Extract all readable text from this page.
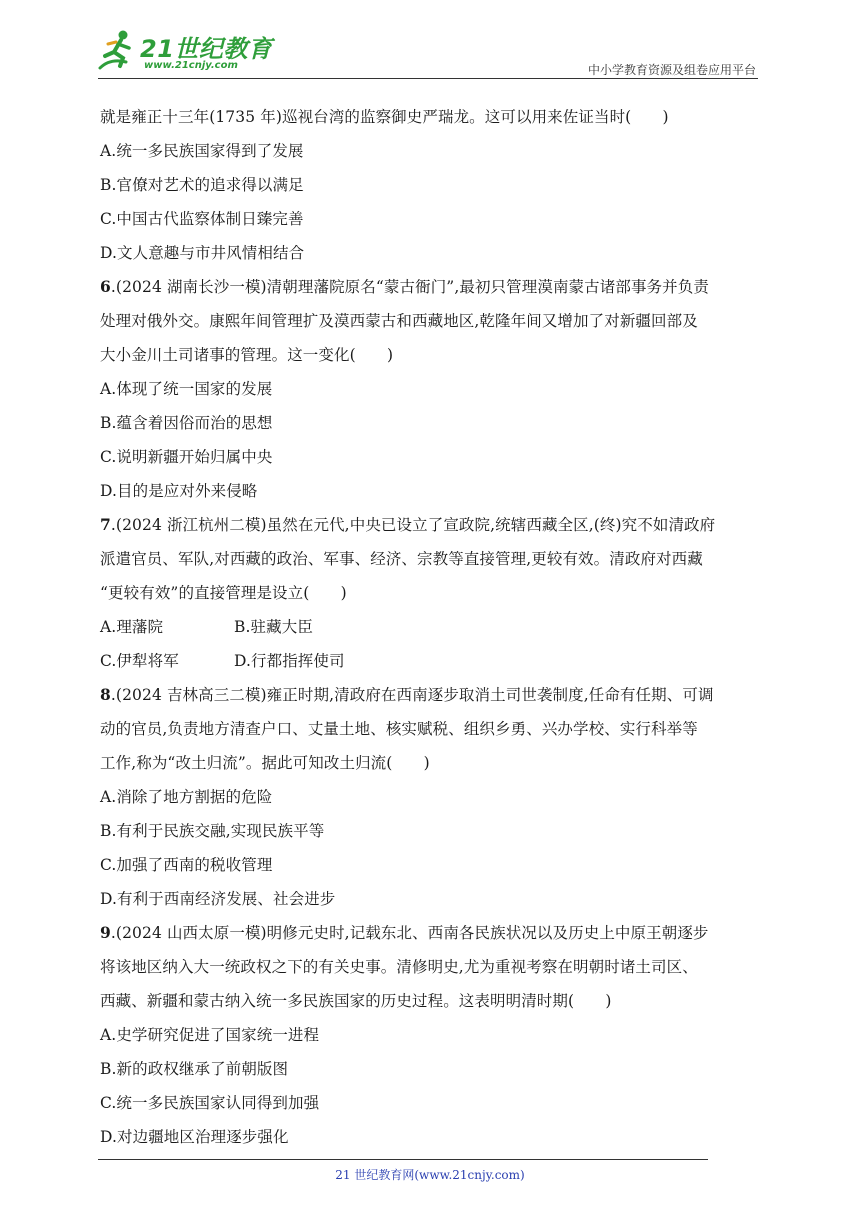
21世纪教育
www.21cnjy.com	中小学教育资源及组卷应用平台
就是雍正十三年(1735 年)巡视台湾的监察御史严瑞龙。这可以用来佐证当时(　　)
A.统一多民族国家得到了发展
B.官僚对艺术的追求得以满足
C.中国古代监察体制日臻完善
D.文人意趣与市井风情相结合
6.(2024 湖南长沙一模)清朝理藩院原名“蒙古衙门”,最初只管理漠南蒙古诸部事务并负责
处理对俄外交。康熙年间管理扩及漠西蒙古和西藏地区,乾隆年间又增加了对新疆回部及
大小金川土司诸事的管理。这一变化(　　)
A.体现了统一国家的发展
B.蕴含着因俗而治的思想
C.说明新疆开始归属中央
D.目的是应对外来侵略
7.(2024 浙江杭州二模)虽然在元代,中央已设立了宣政院,统辖西藏全区,(终)究不如清政府
派遣官员、军队,对西藏的政治、军事、经济、宗教等直接管理,更较有效。清政府对西藏
“更较有效”的直接管理是设立(　　)
A.理藩院	B.驻藏大臣
C.伊犁将军	D.行都指挥使司
8.(2024 吉林高三二模)雍正时期,清政府在西南逐步取消土司世袭制度,任命有任期、可调
动的官员,负责地方清查户口、丈量土地、核实赋税、组织乡勇、兴办学校、实行科举等
工作,称为“改土归流”。据此可知改土归流(　　)
A.消除了地方割据的危险
B.有利于民族交融,实现民族平等
C.加强了西南的税收管理
D.有利于西南经济发展、社会进步
9.(2024 山西太原一模)明修元史时,记载东北、西南各民族状况以及历史上中原王朝逐步
将该地区纳入大一统政权之下的有关史事。清修明史,尤为重视考察在明朝时诸土司区、
西藏、新疆和蒙古纳入统一多民族国家的历史过程。这表明明清时期(　　)
A.史学研究促进了国家统一进程
B.新的政权继承了前朝版图
C.统一多民族国家认同得到加强
D.对边疆地区治理逐步强化
21 世纪教育网(www.21cnjy.com)
